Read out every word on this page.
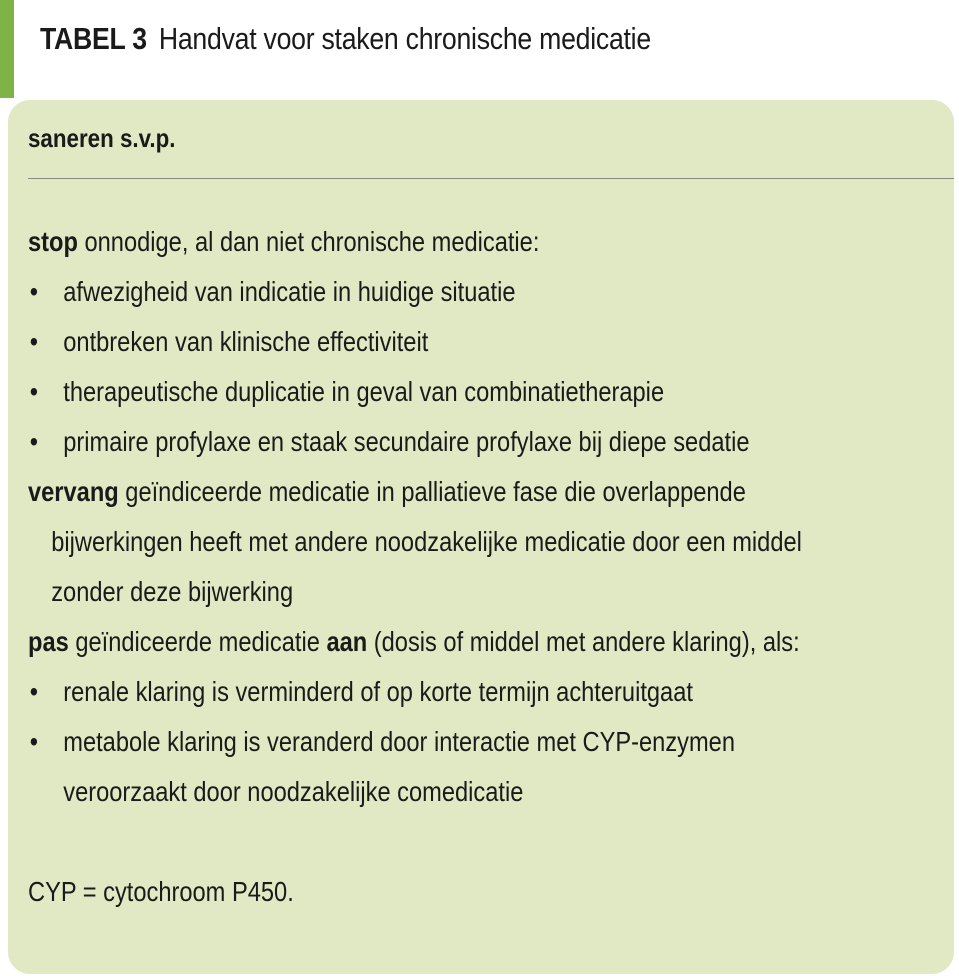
TABEL 3 Handvat voor staken chronische medicatie
saneren s.v.p.
stop onnodige, al dan niet chronische medicatie:
• afwezigheid van indicatie in huidige situatie
• ontbreken van klinische effectiviteit
• therapeutische duplicatie in geval van combinatietherapie
• primaire profylaxe en staak secundaire profylaxe bij diepe sedatie
vervang geïndiceerde medicatie in palliatieve fase die overlappende
bijwerkingen heeft met andere noodzakelijke medicatie door een middel
zonder deze bijwerking
pas geïndiceerde medicatie aan (dosis of middel met andere klaring), als:
• renale klaring is verminderd of op korte termijn achteruitgaat
• metabole klaring is veranderd door interactie met CYP-enzymen
veroorzaakt door noodzakelijke comedicatie
CYP = cytochroom P450.
